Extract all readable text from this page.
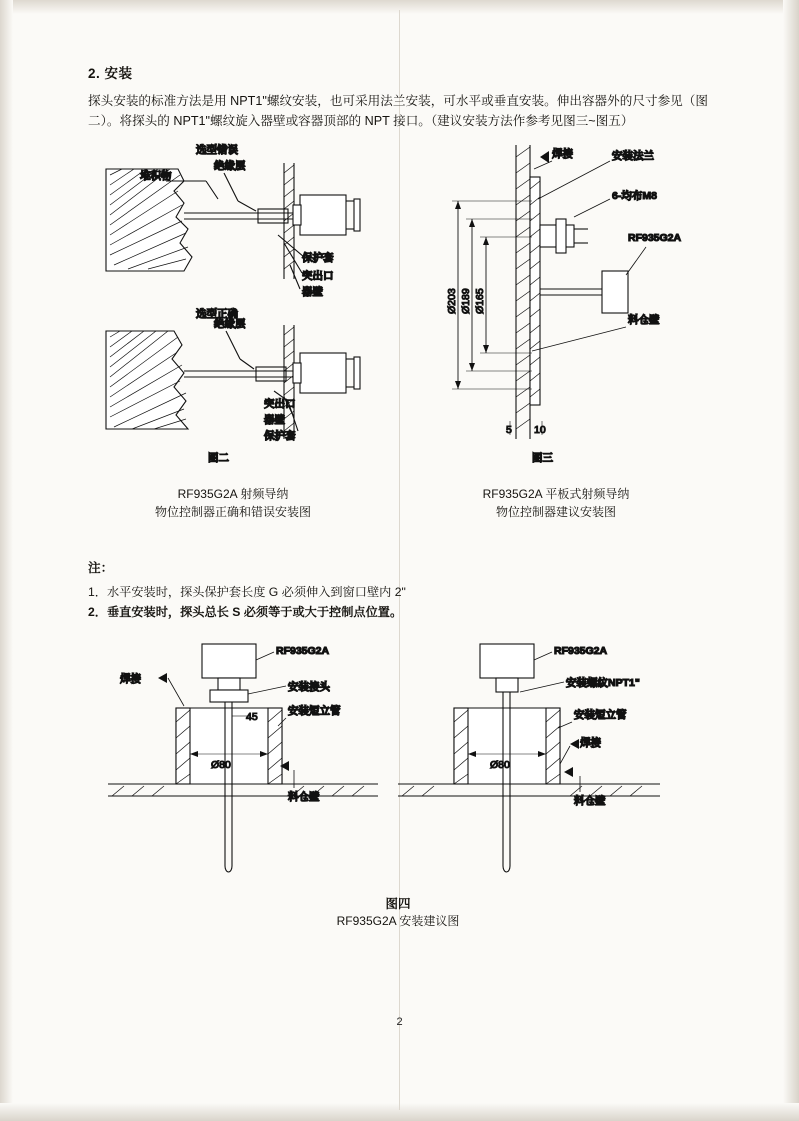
2. 安装

探头安装的标准方法是用 NPT1"螺纹安装，也可采用法兰安装，可水平或垂直安装。伸出容器外的尺寸参见（图二）。将探头的 NPT1"螺纹旋入器壁或容器顶部的 NPT 接口。（建议安装方法作参考见图三~图五）

选型错误
堆积物
绝缘层
保护套
突出口
器壁
选型正确
绝缘层
突出口
器壁
保护套
图二
RF935G2A 射频导纳
物位控制器正确和错误安装图
Ø203 Ø189 Ø165
5 10
焊接	安装法兰
6-均布M8
RF935G2A
料仓壁
图三
RF935G2A 平板式射频导纳
物位控制器建议安装图
注：

1．水平安装时，探头保护套长度 G 必须伸入到窗口壁内 2"

2．垂直安装时，探头总长 S 必须等于或大于控制点位置。

Ø80
45
焊接
RF935G2A
安装接头
安装短立管
料仓壁
Ø80
RF935G2A
安装螺纹NPT1"
安装短立管
焊接
料仓壁
图四
RF935G2A 安装建议图
2
